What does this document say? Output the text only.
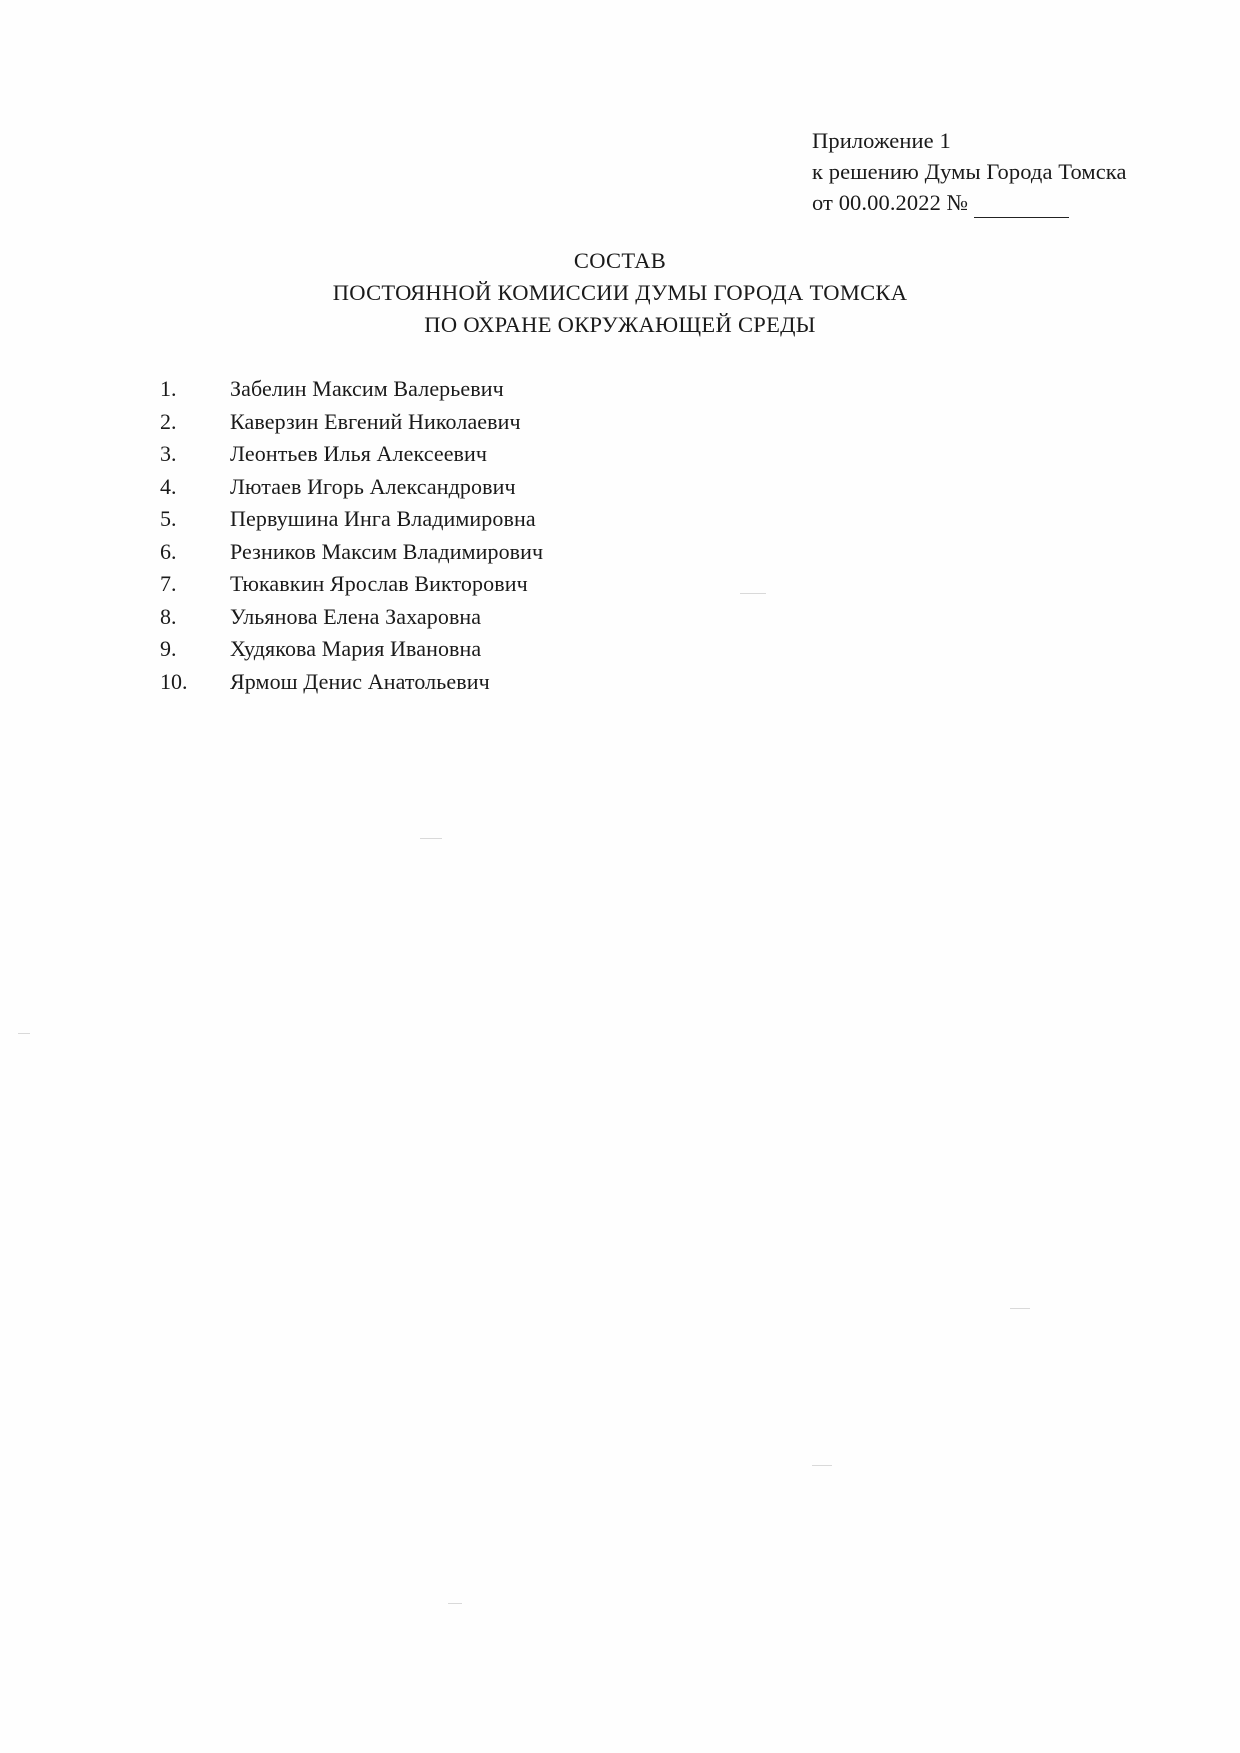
Приложение 1
к решению Думы Города Томска
от 00.00.2022 №
СОСТАВ
ПОСТОЯННОЙ КОМИССИИ ДУМЫ ГОРОДА ТОМСКА
ПО ОХРАНЕ ОКРУЖАЮЩЕЙ СРЕДЫ
1.	Забелин Максим Валерьевич
2.	Каверзин Евгений Николаевич
3.	Леонтьев Илья Алексеевич
4.	Лютаев Игорь Александрович
5.	Первушина Инга Владимировна
6.	Резников Максим Владимирович
7.	Тюкавкин Ярослав Викторович
8.	Ульянова Елена Захаровна
9.	Худякова Мария Ивановна
10.	Ярмош Денис Анатольевич
